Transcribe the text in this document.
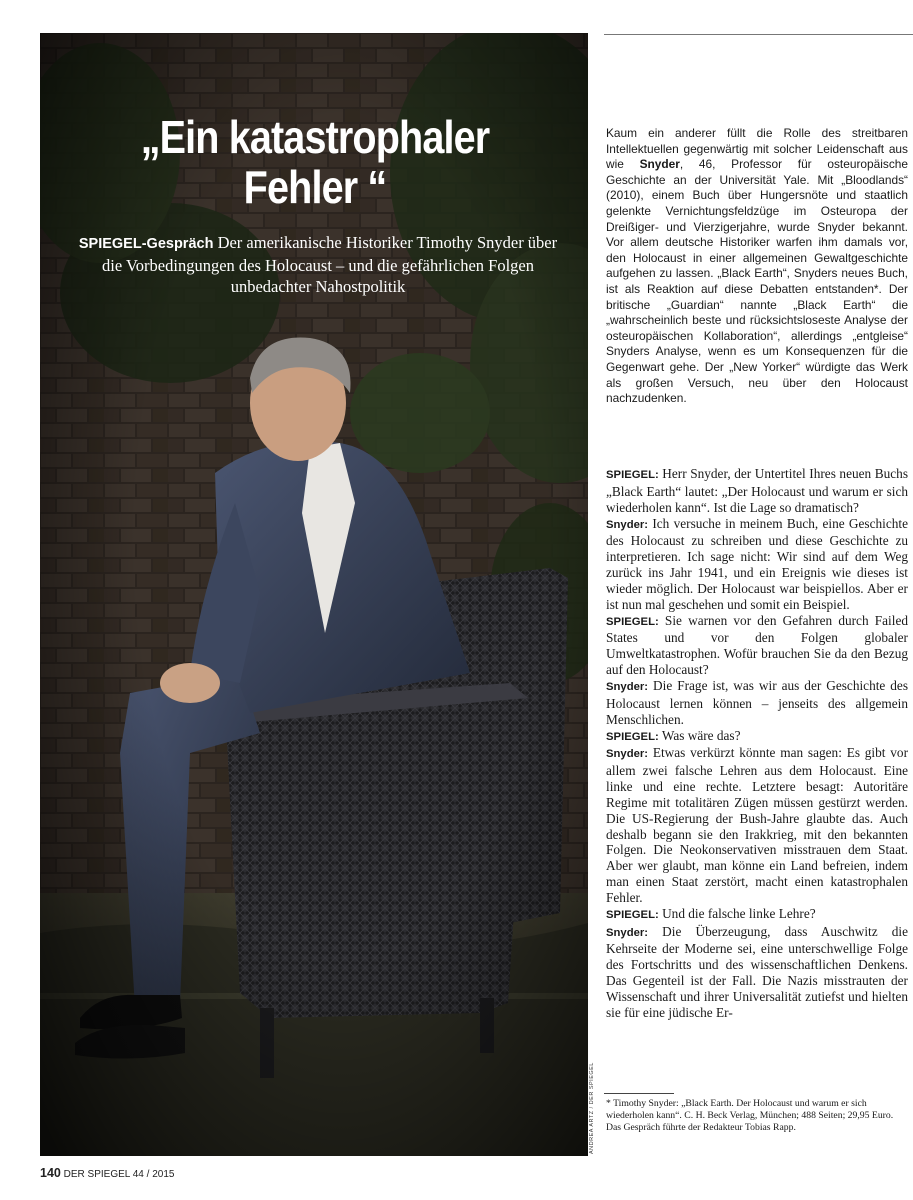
„Ein katastrophaler
Fehler “
SPIEGEL-Gespräch Der amerikanische Historiker Timothy Snyder über die Vorbedingungen des Holocaust – und die gefährlichen Folgen unbedachter Nahostpolitik
ANDREA ARTZ / DER SPIEGEL
Kaum ein anderer füllt die Rolle des streitbaren Intellektuellen gegenwärtig mit solcher Leidenschaft aus wie Snyder, 46, Professor für osteuropäische Geschichte an der Universität Yale. Mit „Bloodlands“ (2010), einem Buch über Hungersnöte und staatlich gelenkte Vernichtungsfeldzüge im Osteuropa der Dreißiger- und Vierzigerjahre, wurde Snyder bekannt. Vor allem deutsche Historiker warfen ihm damals vor, den Holocaust in einer allgemeinen Gewaltgeschichte aufgehen zu lassen. „Black Earth“, Snyders neues Buch, ist als Reaktion auf diese Debatten entstanden*. Der britische „Guardian“ nannte „Black Earth“ die „wahrscheinlich beste und rücksichtsloseste Analyse der osteuropäischen Kollaboration“, allerdings „entgleise“ Snyders Analyse, wenn es um Konsequenzen für die Gegenwart gehe. Der „New Yorker“ würdigte das Werk als großen Versuch, neu über den Holocaust nachzudenken.

SPIEGEL: Herr Snyder, der Untertitel Ihres neuen Buchs „Black Earth“ lautet: „Der Holocaust und warum er sich wiederholen kann“. Ist die Lage so dramatisch?

Snyder: Ich versuche in meinem Buch, eine Geschichte des Holocaust zu schreiben und diese Geschichte zu interpretieren. Ich sage nicht: Wir sind auf dem Weg zurück ins Jahr 1941, und ein Ereignis wie dieses ist wieder möglich. Der Holocaust war beispiellos. Aber er ist nun mal geschehen und somit ein Beispiel.

SPIEGEL: Sie warnen vor den Gefahren durch Failed States und vor den Folgen globaler Umweltkatastrophen. Wofür brauchen Sie da den Bezug auf den Holocaust?

Snyder: Die Frage ist, was wir aus der Geschichte des Holocaust lernen können – jenseits des allgemein Menschlichen.

SPIEGEL: Was wäre das?

Snyder: Etwas verkürzt könnte man sagen: Es gibt vor allem zwei falsche Lehren aus dem Holocaust. Eine linke und eine rechte. Letztere besagt: Autoritäre Regime mit totalitären Zügen müssen gestürzt werden. Die US-Regierung der Bush-Jahre glaubte das. Auch deshalb begann sie den Irakkrieg, mit den bekannten Folgen. Die Neokonservativen misstrauen dem Staat. Aber wer glaubt, man könne ein Land befreien, indem man einen Staat zerstört, macht einen katastrophalen Fehler.

SPIEGEL: Und die falsche linke Lehre?

Snyder: Die Überzeugung, dass Auschwitz die Kehrseite der Moderne sei, eine unterschwellige Folge des Fortschritts und des wissenschaftlichen Denkens. Das Gegenteil ist der Fall. Die Nazis misstrauten der Wissenschaft und ihrer Universalität zutiefst und hielten sie für eine jüdische Er-

* Timothy Snyder: „Black Earth. Der Holocaust und warum er sich wiederholen kann“. C. H. Beck Verlag, München; 488 Seiten; 29,95 Euro.

Das Gespräch führte der Redakteur Tobias Rapp.

140 DER SPIEGEL 44 / 2015
